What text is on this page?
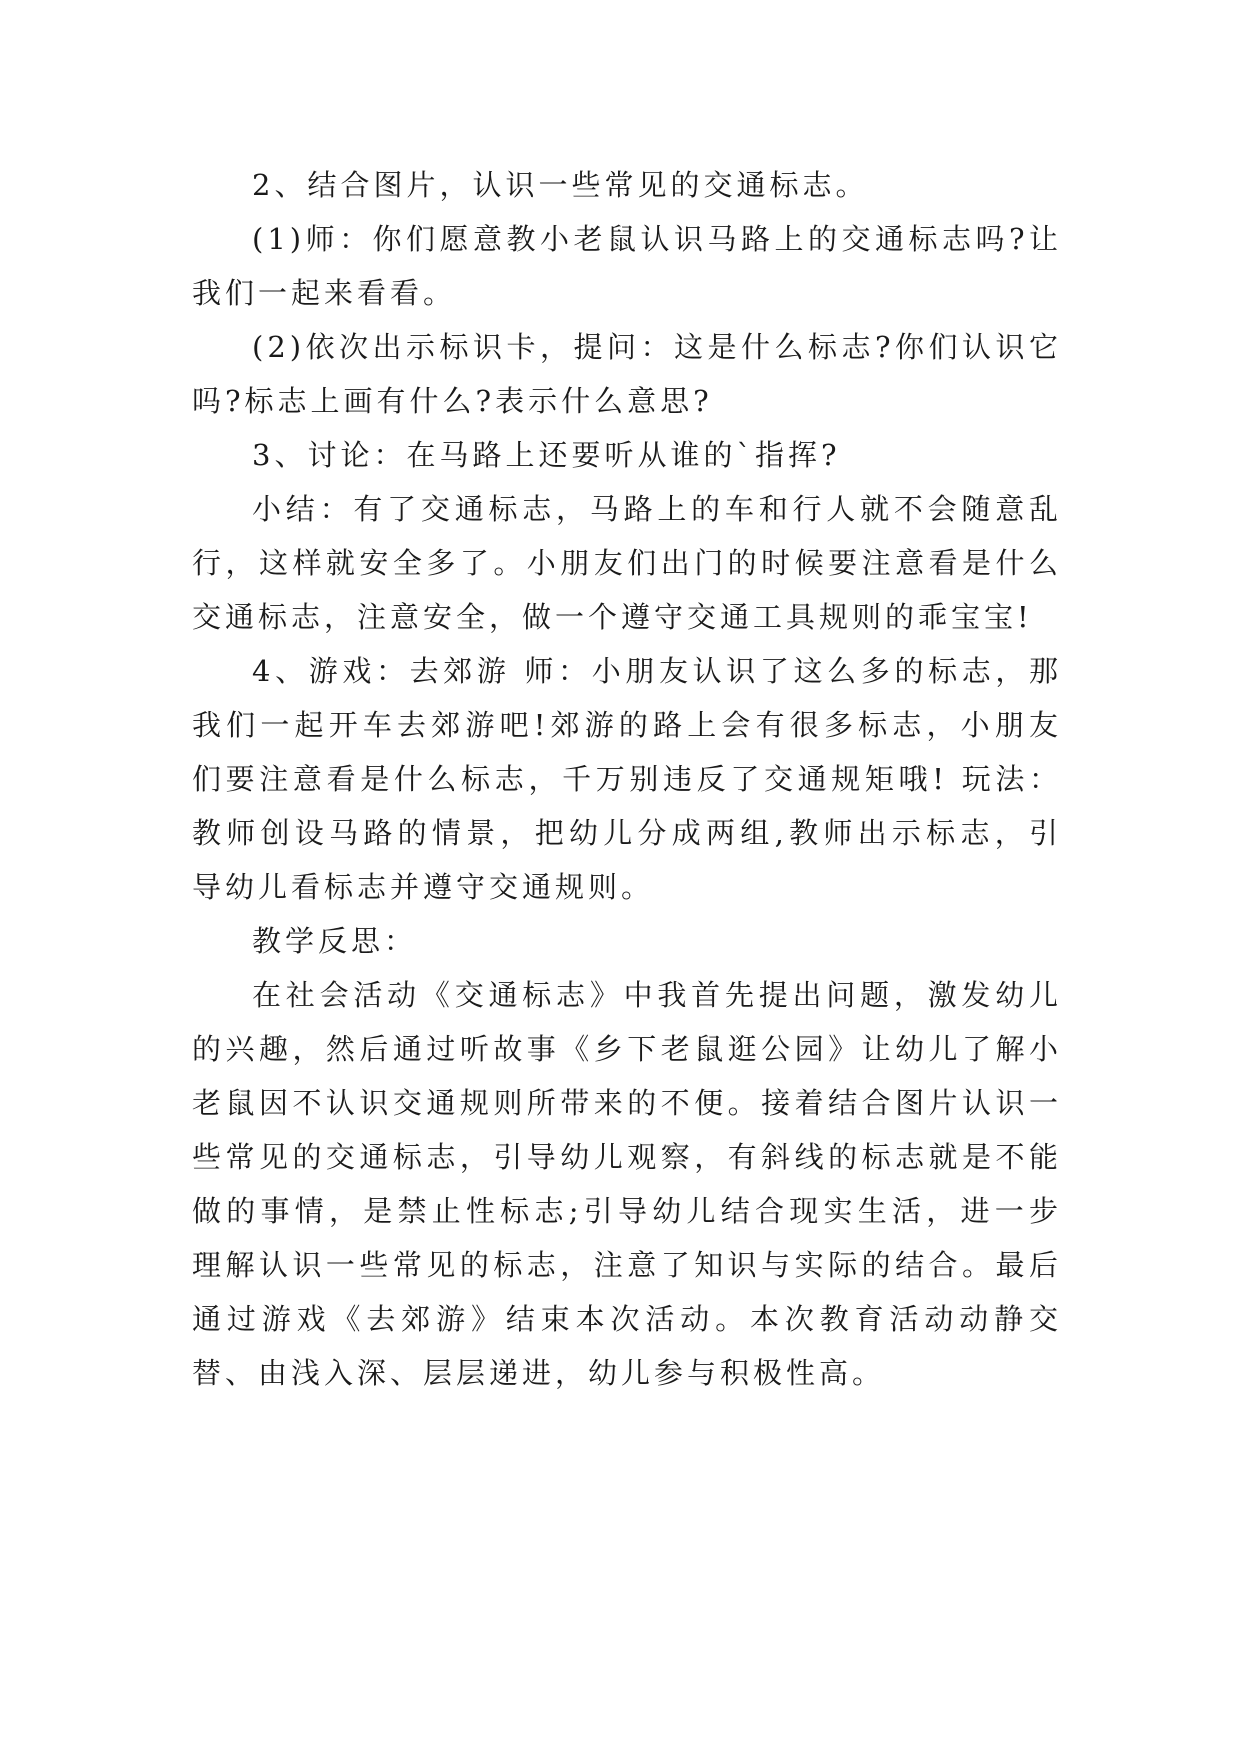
2、结合图片，认识一些常见的交通标志。

(1)师：你们愿意教小老鼠认识马路上的交通标志吗?让我们一起来看看。

(2)依次出示标识卡，提问：这是什么标志?你们认识它吗?标志上画有什么?表示什么意思?

3、讨论：在马路上还要听从谁的`指挥?

小结：有了交通标志，马路上的车和行人就不会随意乱行，这样就安全多了。小朋友们出门的时候要注意看是什么交通标志，注意安全，做一个遵守交通工具规则的乖宝宝!

4、游戏：去郊游 师：小朋友认识了这么多的标志，那我们一起开车去郊游吧!郊游的路上会有很多标志，小朋友们要注意看是什么标志，千万别违反了交通规矩哦! 玩法：教师创设马路的情景，把幼儿分成两组,教师出示标志，引导幼儿看标志并遵守交通规则。

教学反思：

在社会活动《交通标志》中我首先提出问题，激发幼儿的兴趣，然后通过听故事《乡下老鼠逛公园》让幼儿了解小老鼠因不认识交通规则所带来的不便。接着结合图片认识一些常见的交通标志，引导幼儿观察，有斜线的标志就是不能做的事情，是禁止性标志;引导幼儿结合现实生活，进一步理解认识一些常见的标志，注意了知识与实际的结合。最后通过游戏《去郊游》结束本次活动。本次教育活动动静交替、由浅入深、层层递进，幼儿参与积极性高。
